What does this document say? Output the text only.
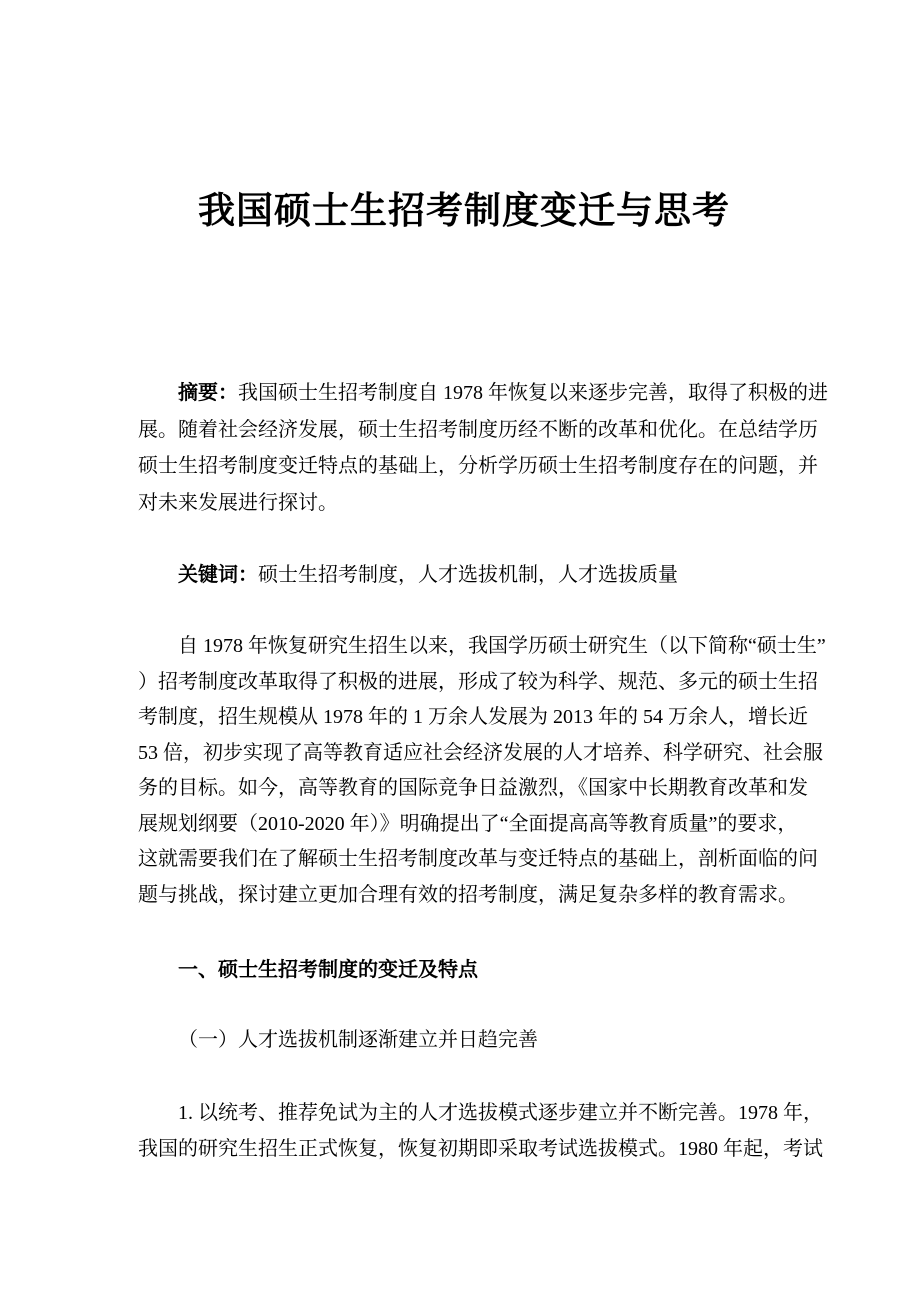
我国硕士生招考制度变迁与思考
摘要：我国硕士生招考制度自 1978 年恢复以来逐步完善，取得了积极的进
展。随着社会经济发展，硕士生招考制度历经不断的改革和优化。在总结学历
硕士生招考制度变迁特点的基础上，分析学历硕士生招考制度存在的问题，并
对未来发展进行探讨。
关键词：硕士生招考制度，人才选拔机制，人才选拔质量
自 1978 年恢复研究生招生以来，我国学历硕士研究生（以下简称“硕士生”
）招考制度改革取得了积极的进展，形成了较为科学、规范、多元的硕士生招
考制度，招生规模从 1978 年的 1 万余人发展为 2013 年的 54 万余人，增长近
53 倍，初步实现了高等教育适应社会经济发展的人才培养、科学研究、社会服
务的目标。如今，高等教育的国际竞争日益激烈，《国家中长期教育改革和发
展规划纲要（2010-2020 年）》明确提出了“全面提高高等教育质量”的要求，
这就需要我们在了解硕士生招考制度改革与变迁特点的基础上，剖析面临的问
题与挑战，探讨建立更加合理有效的招考制度，满足复杂多样的教育需求。
一、硕士生招考制度的变迁及特点
（一）人才选拔机制逐渐建立并日趋完善
1. 以统考、推荐免试为主的人才选拔模式逐步建立并不断完善。1978 年，
我国的研究生招生正式恢复，恢复初期即采取考试选拔模式。1980 年起，考试
